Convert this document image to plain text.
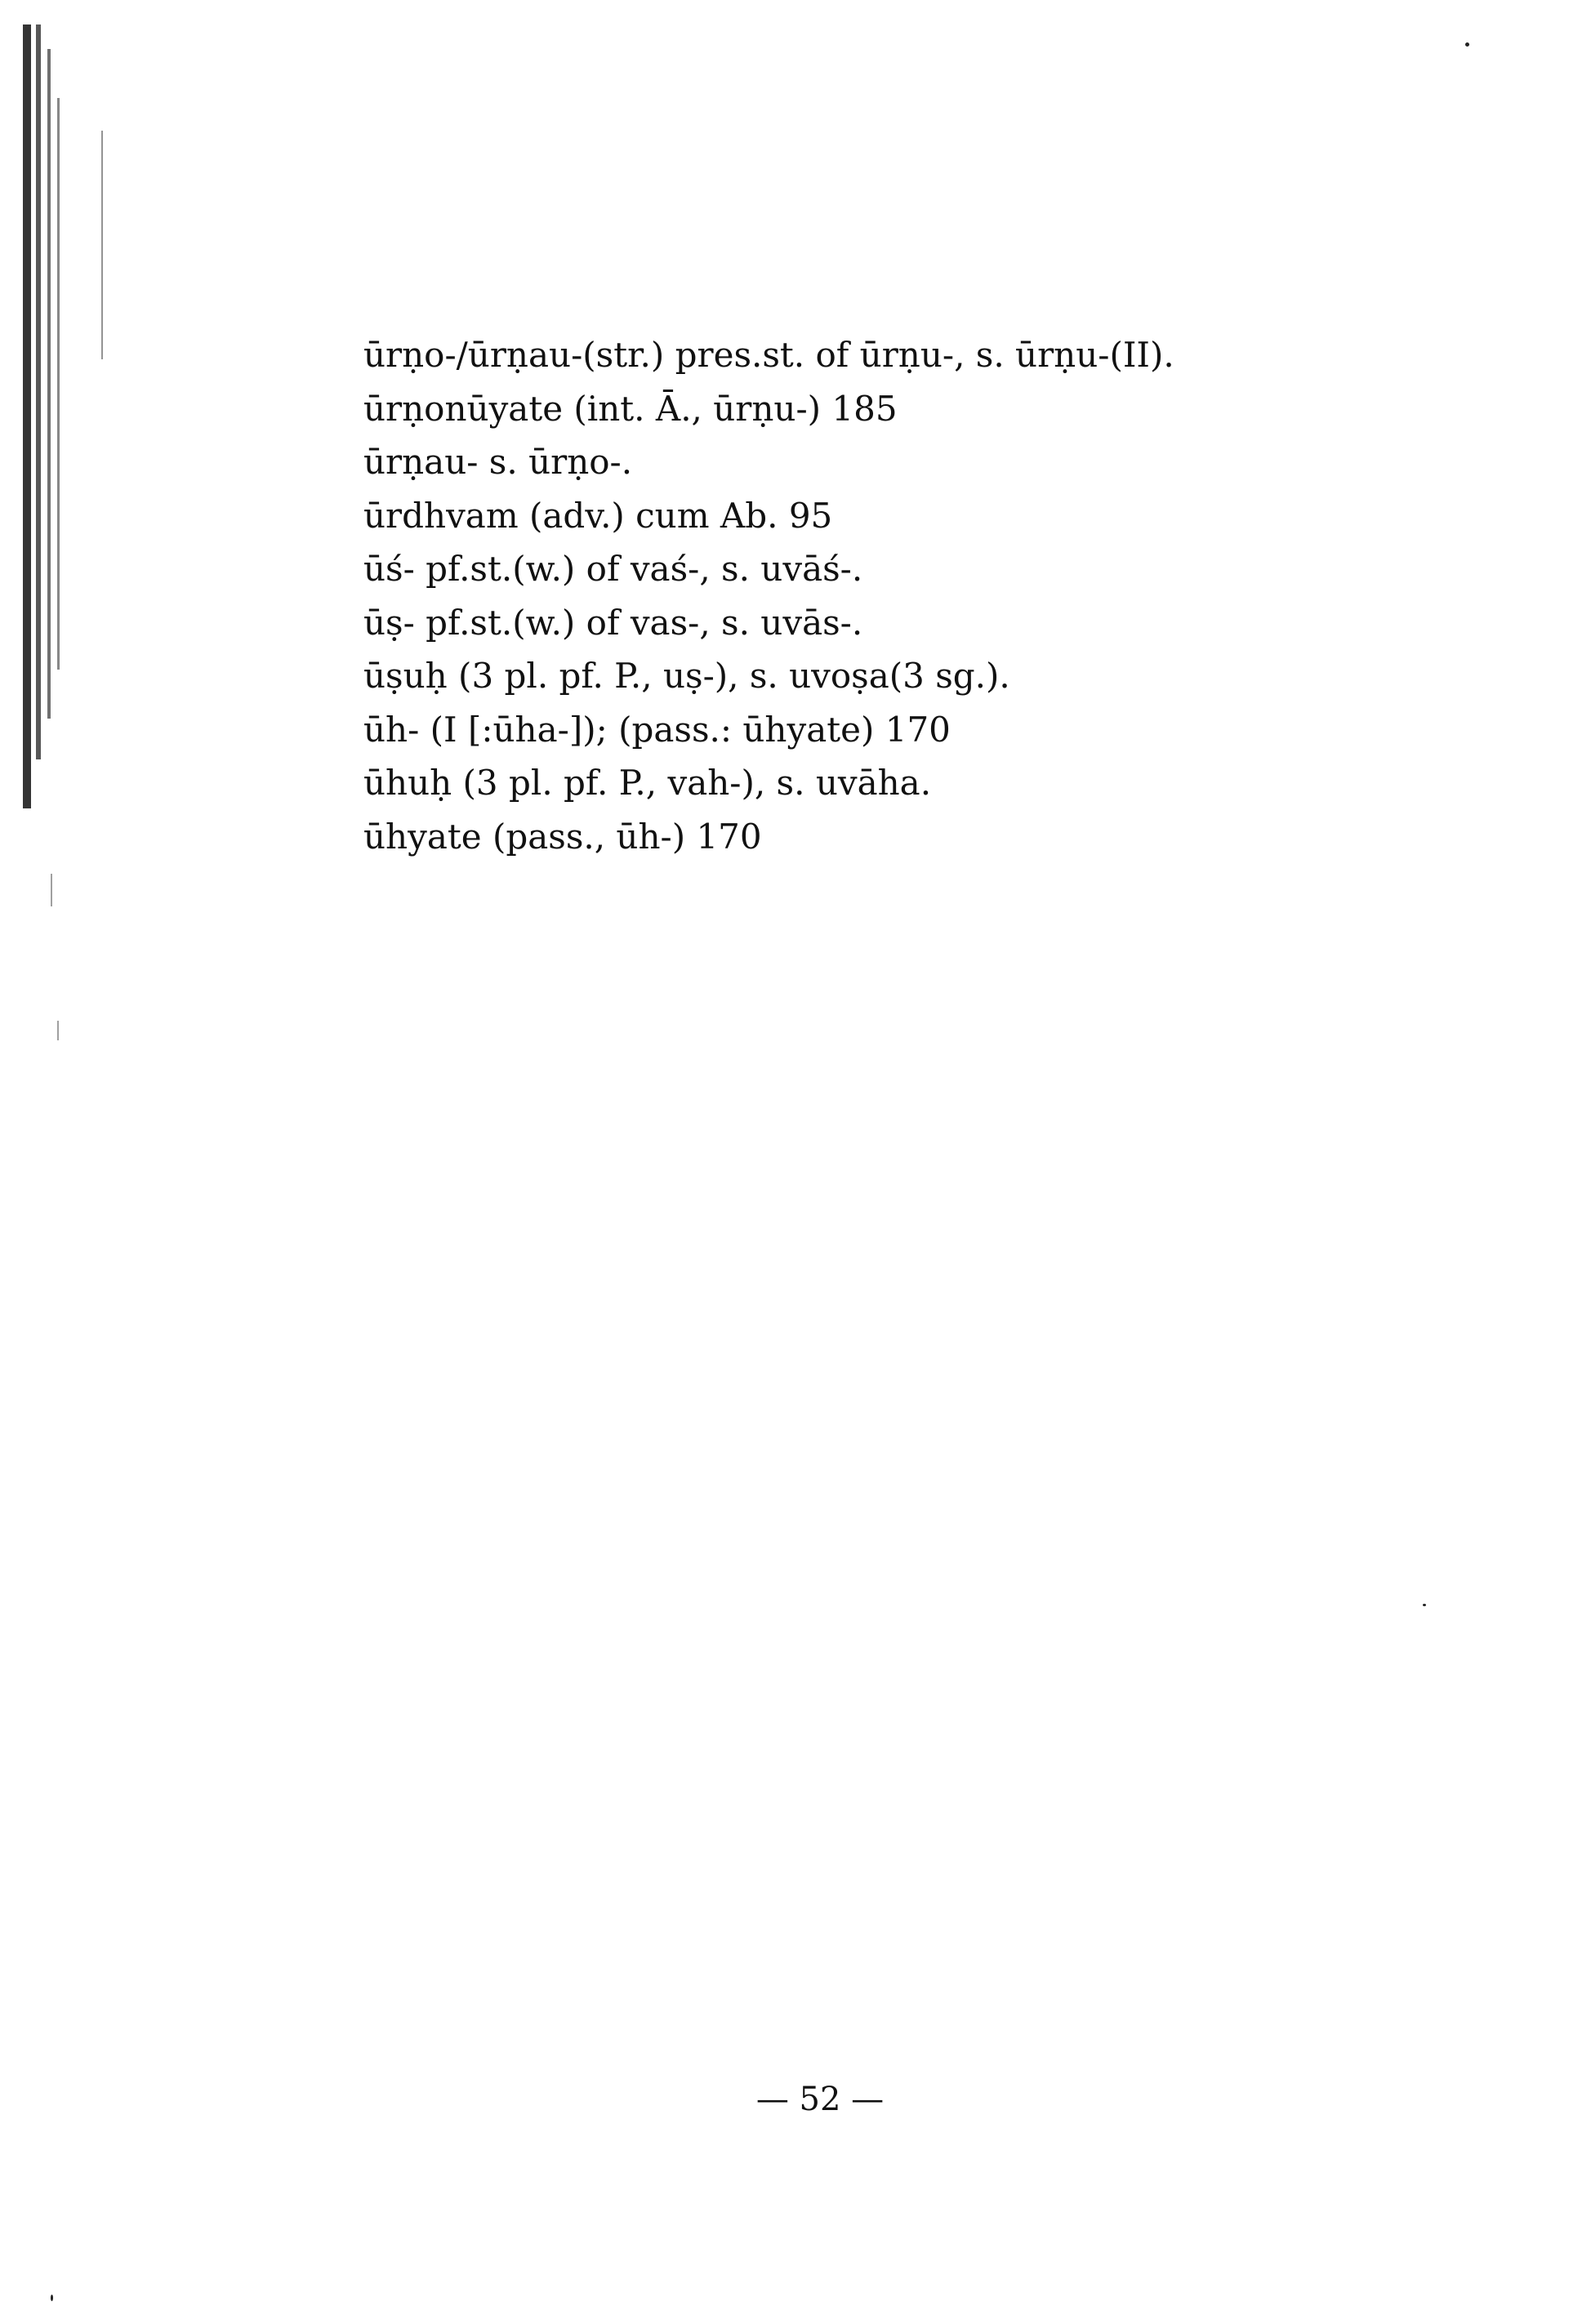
ūrṇo-/ūrṇau-(str.) pres.st. of ūrṇu-, s. ūrṇu-(II).
ūrṇonūyate (int. Ā., ūrṇu-) 185
ūrṇau- s. ūrṇo-.
ūrdhvam (adv.) cum Ab. 95
ūś- pf.st.(w.) of vaś-, s. uvāś-.
ūṣ- pf.st.(w.) of vas-, s. uvās-.
ūṣuḥ (3 pl. pf. P., uṣ-), s. uvoṣa(3 sg.).
ūh- (I [:ūha-]); (pass.: ūhyate) 170
ūhuḥ (3 pl. pf. P., vah-), s. uvāha.
ūhyate (pass., ūh-) 170
— 52 —
